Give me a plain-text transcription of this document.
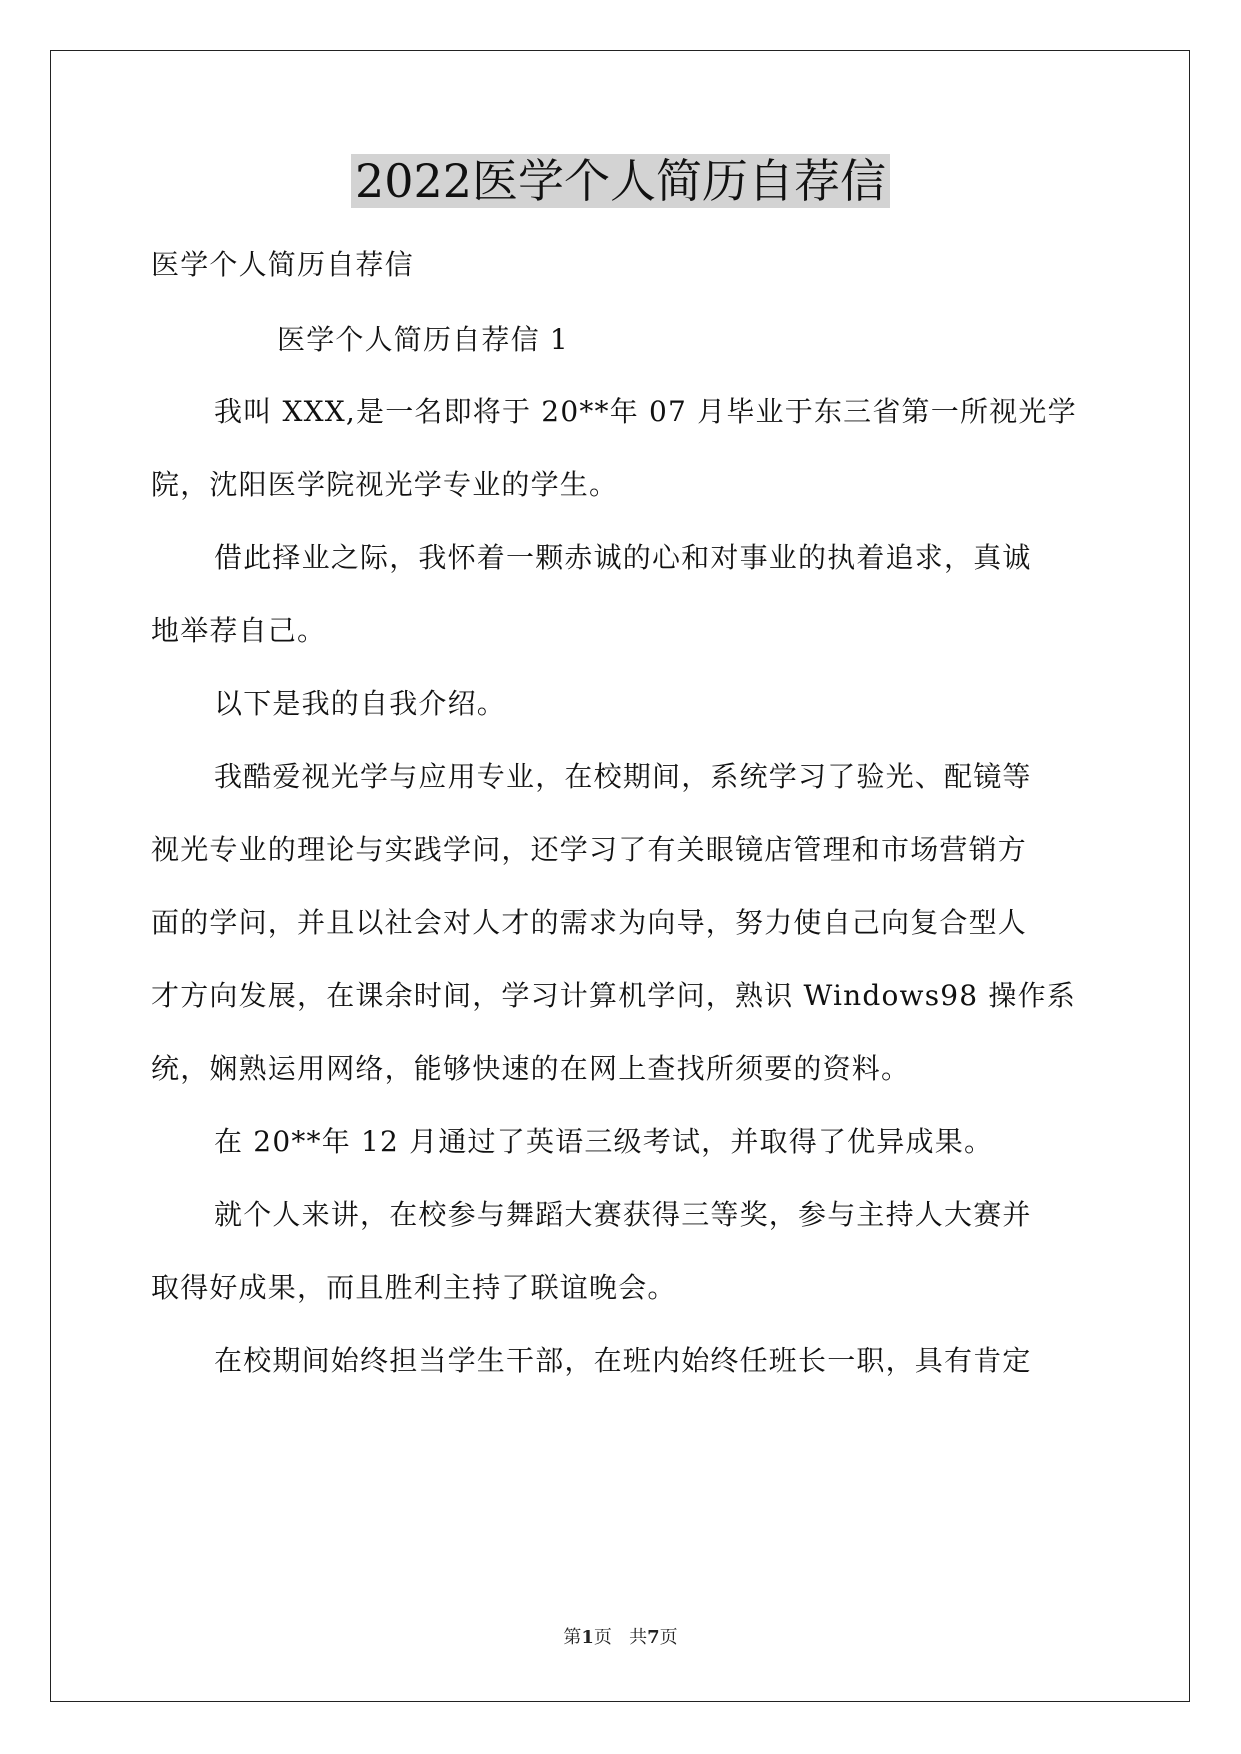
2022医学个人简历自荐信

医学个人简历自荐信

医学个人简历自荐信 1

我叫 XXX,是一名即将于 20**年 07 月毕业于东三省第一所视光学

院，沈阳医学院视光学专业的学生。

借此择业之际，我怀着一颗赤诚的心和对事业的执着追求，真诚

地举荐自己。

以下是我的自我介绍。

我酷爱视光学与应用专业，在校期间，系统学习了验光、配镜等

视光专业的理论与实践学问，还学习了有关眼镜店管理和市场营销方

面的学问，并且以社会对人才的需求为向导，努力使自己向复合型人

才方向发展，在课余时间，学习计算机学问，熟识 Windows98 操作系

统，娴熟运用网络，能够快速的在网上查找所须要的资料。

在 20**年 12 月通过了英语三级考试，并取得了优异成果。

就个人来讲，在校参与舞蹈大赛获得三等奖，参与主持人大赛并

取得好成果，而且胜利主持了联谊晚会。

在校期间始终担当学生干部，在班内始终任班长一职，具有肯定

第1页 共7页
